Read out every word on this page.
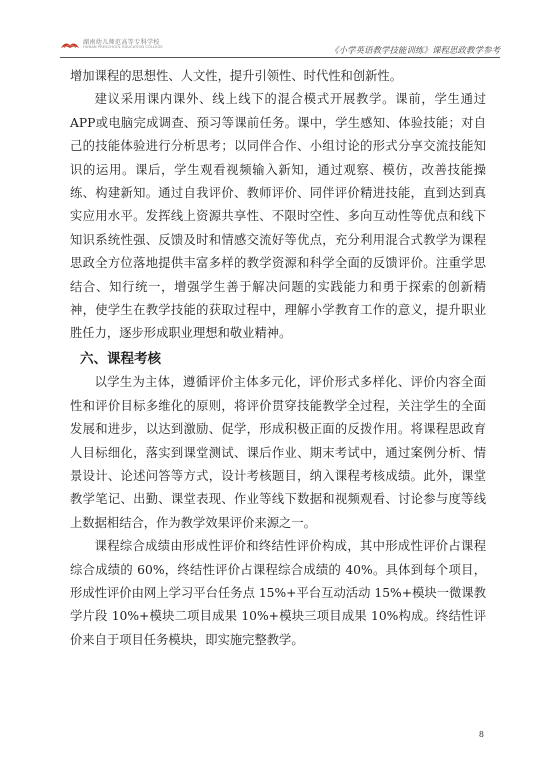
湖南幼儿师范高等专科学校
HUNAN PRESCHOOL EDUCATION COLLEGE	《小学英语教学技能训练》课程思政教学参考

增加课程的思想性、人文性，提升引领性、时代性和创新性。

建议采用课内课外、线上线下的混合模式开展教学。课前，学生通过APP或电脑完成调查、预习等课前任务。课中，学生感知、体验技能；对自己的技能体验进行分析思考；以同伴合作、小组讨论的形式分享交流技能知识的运用。课后，学生观看视频输入新知，通过观察、模仿，改善技能操练、构建新知。通过自我评价、教师评价、同伴评价精进技能，直到达到真实应用水平。发挥线上资源共享性、不限时空性、多向互动性等优点和线下知识系统性强、反馈及时和情感交流好等优点，充分利用混合式教学为课程思政全方位落地提供丰富多样的教学资源和科学全面的反馈评价。注重学思结合、知行统一，增强学生善于解决问题的实践能力和勇于探索的创新精神，使学生在教学技能的获取过程中，理解小学教育工作的意义，提升职业胜任力，逐步形成职业理想和敬业精神。

六、课程考核

以学生为主体，遵循评价主体多元化，评价形式多样化、评价内容全面性和评价目标多维化的原则，将评价贯穿技能教学全过程，关注学生的全面发展和进步，以达到激励、促学，形成积极正面的反拨作用。将课程思政育人目标细化，落实到课堂测试、课后作业、期末考试中，通过案例分析、情景设计、论述问答等方式，设计考核题目，纳入课程考核成绩。此外，课堂教学笔记、出勤、课堂表现、作业等线下数据和视频观看、讨论参与度等线上数据相结合，作为教学效果评价来源之一。

课程综合成绩由形成性评价和终结性评价构成，其中形成性评价占课程综合成绩的 60%，终结性评价占课程综合成绩的 40%。具体到每个项目，形成性评价由网上学习平台任务点 15%+平台互动活动 15%+模块一微课教学片段 10%+模块二项目成果 10%+模块三项目成果 10%构成。终结性评价来自于项目任务模块，即实施完整教学。

8
